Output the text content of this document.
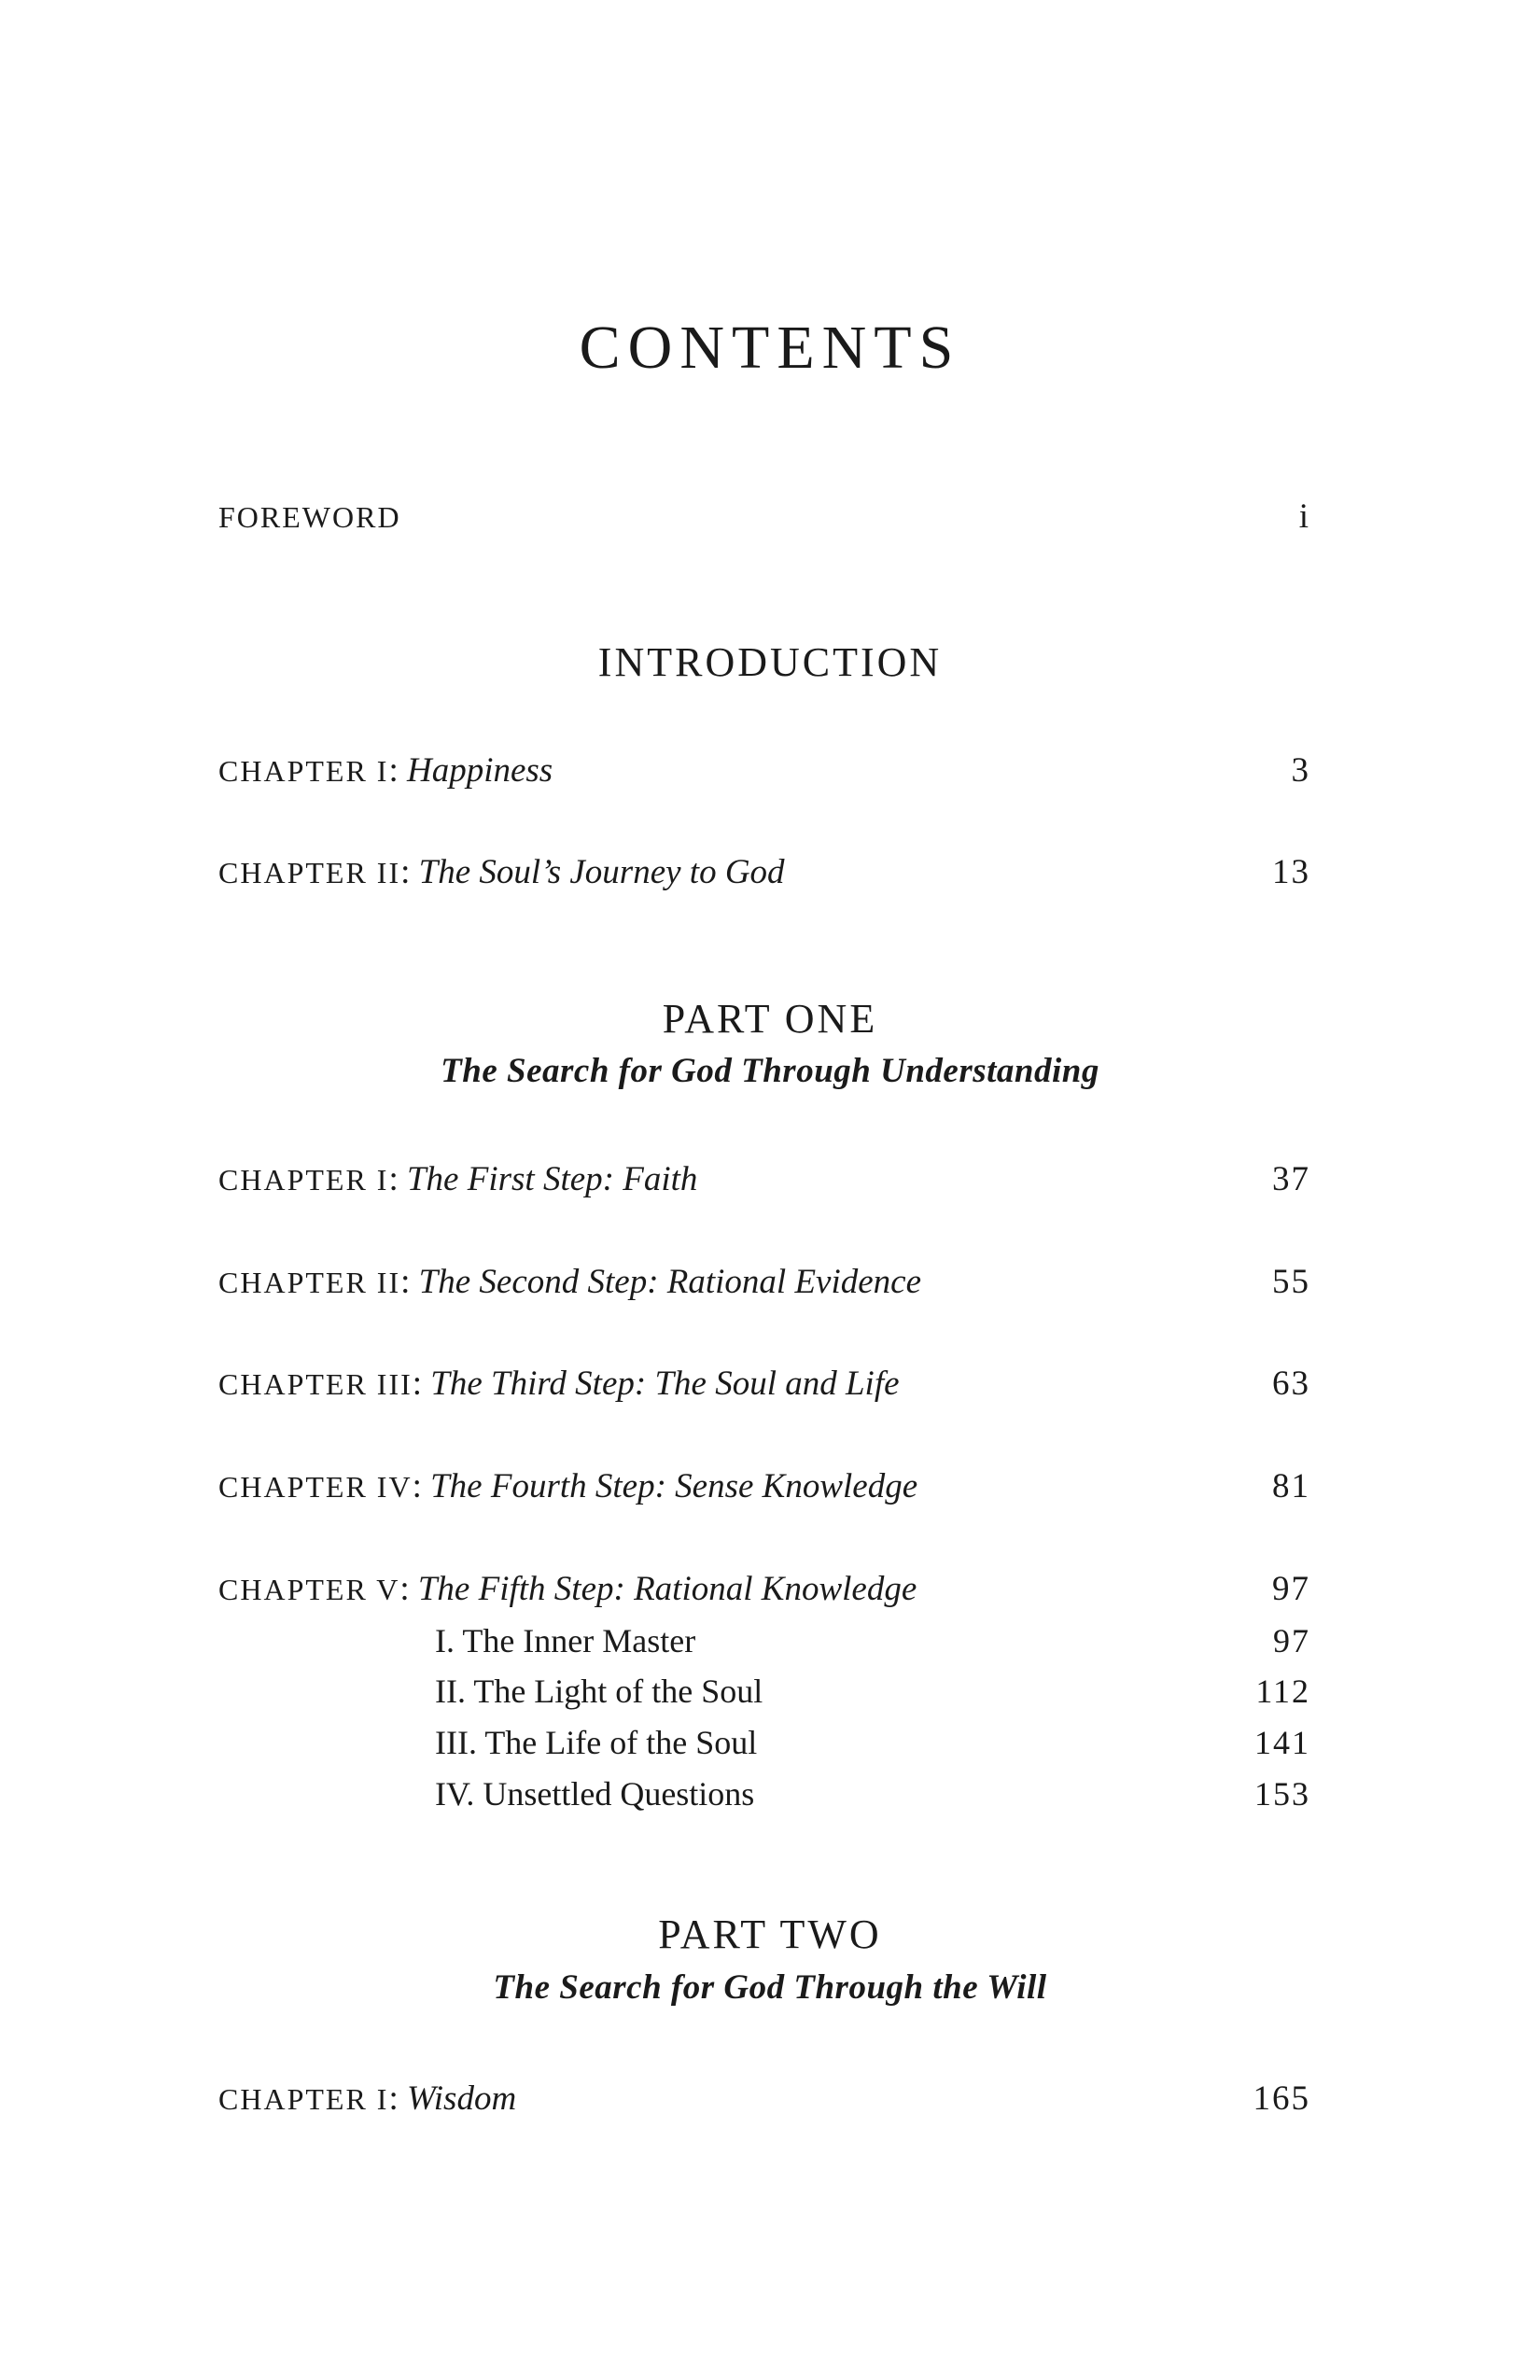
CONTENTS
FOREWORD	i
INTRODUCTION
CHAPTER I: Happiness	3
CHAPTER II: The Soul’s Journey to God	13
PART ONE
The Search for God Through Understanding
CHAPTER I: The First Step: Faith	37
CHAPTER II: The Second Step: Rational Evidence	55
CHAPTER III: The Third Step: The Soul and Life	63
CHAPTER IV: The Fourth Step: Sense Knowledge	81
CHAPTER V: The Fifth Step: Rational Knowledge	97
I. The Inner Master	97
II. The Light of the Soul	112
III. The Life of the Soul	141
IV. Unsettled Questions	153
PART TWO
The Search for God Through the Will
CHAPTER I: Wisdom	165
